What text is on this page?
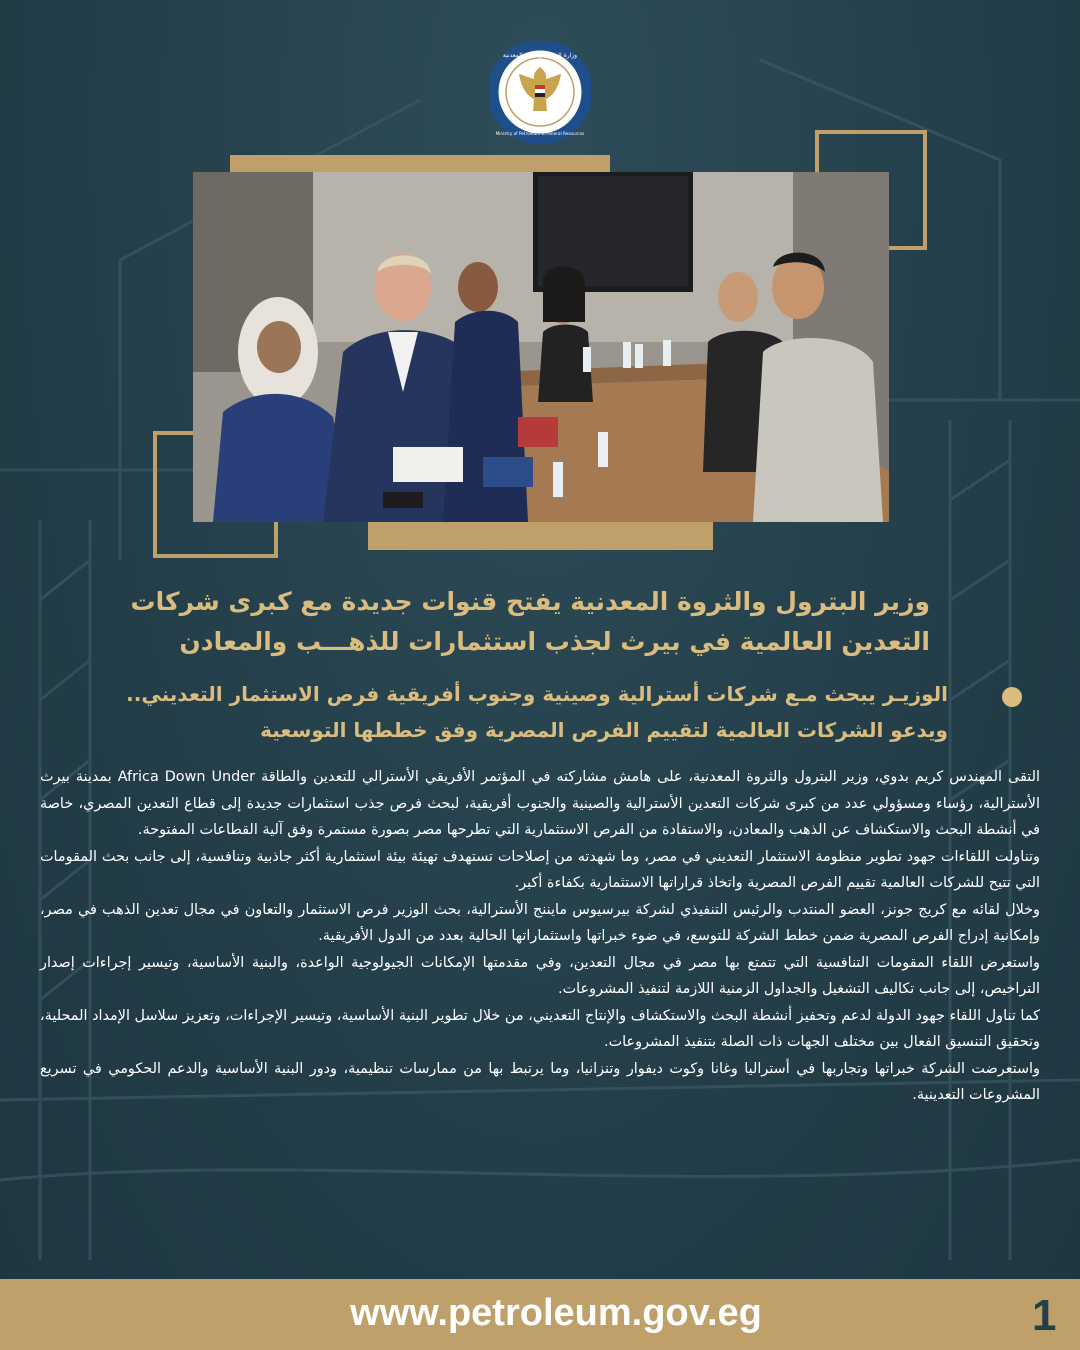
وزارة البترول والثروة المعدنية
Ministry of Petroleum & Mineral Resources
وزير البترول والثروة المعدنية يفتح قنوات جديدة مع كبرى شركات
التعدين العالمية في بيرث لجذب استثمارات للذهـــب والمعادن
الوزيـر يبحث مـع شركات أسترالية وصينية وجنوب أفريقية فرص الاستثمار التعديني..
ويدعو الشركات العالمية لتقييم الفرص المصرية وفق خططها التوسعية

التقى المهندس كريم بدوي، وزير البترول والثروة المعدنية، على هامش مشاركته في المؤتمر الأفريقي الأسترالي للتعدين والطاقة Africa Down Under بمدينة بيرث الأسترالية، رؤساء ومسؤولي عدد من كبرى شركات التعدين الأسترالية والصينية والجنوب أفريقية، لبحث فرص جذب استثمارات جديدة إلى قطاع التعدين المصري، خاصة في أنشطة البحث والاستكشاف عن الذهب والمعادن، والاستفادة من الفرص الاستثمارية التي تطرحها مصر بصورة مستمرة وفق آلية القطاعات المفتوحة.

وتناولت اللقاءات جهود تطوير منظومة الاستثمار التعديني في مصر، وما شهدته من إصلاحات تستهدف تهيئة بيئة استثمارية أكثر جاذبية وتنافسية، إلى جانب بحث المقومات التي تتيح للشركات العالمية تقييم الفرص المصرية واتخاذ قراراتها الاستثمارية بكفاءة أكبر.

وخلال لقائه مع كريج جونز، العضو المنتدب والرئيس التنفيذي لشركة بيرسيوس مايننج الأسترالية، بحث الوزير فرص الاستثمار والتعاون في مجال تعدين الذهب في مصر، وإمكانية إدراج الفرص المصرية ضمن خطط الشركة للتوسع، في ضوء خبراتها واستثماراتها الحالية بعدد من الدول الأفريقية.

واستعرض اللقاء المقومات التنافسية التي تتمتع بها مصر في مجال التعدين، وفي مقدمتها الإمكانات الجيولوجية الواعدة، والبنية الأساسية، وتيسير إجراءات إصدار التراخيص، إلى جانب تكاليف التشغيل والجداول الزمنية اللازمة لتنفيذ المشروعات.

كما تناول اللقاء جهود الدولة لدعم وتحفيز أنشطة البحث والاستكشاف والإنتاج التعديني، من خلال تطوير البنية الأساسية، وتيسير الإجراءات، وتعزيز سلاسل الإمداد المحلية، وتحقيق التنسيق الفعال بين مختلف الجهات ذات الصلة بتنفيذ المشروعات.

واستعرضت الشركة خبراتها وتجاربها في أستراليا وغانا وكوت ديفوار وتنزانيا، وما يرتبط بها من ممارسات تنظيمية، ودور البنية الأساسية والدعم الحكومي في تسريع المشروعات التعدينية.

www.petroleum.gov.eg	1
